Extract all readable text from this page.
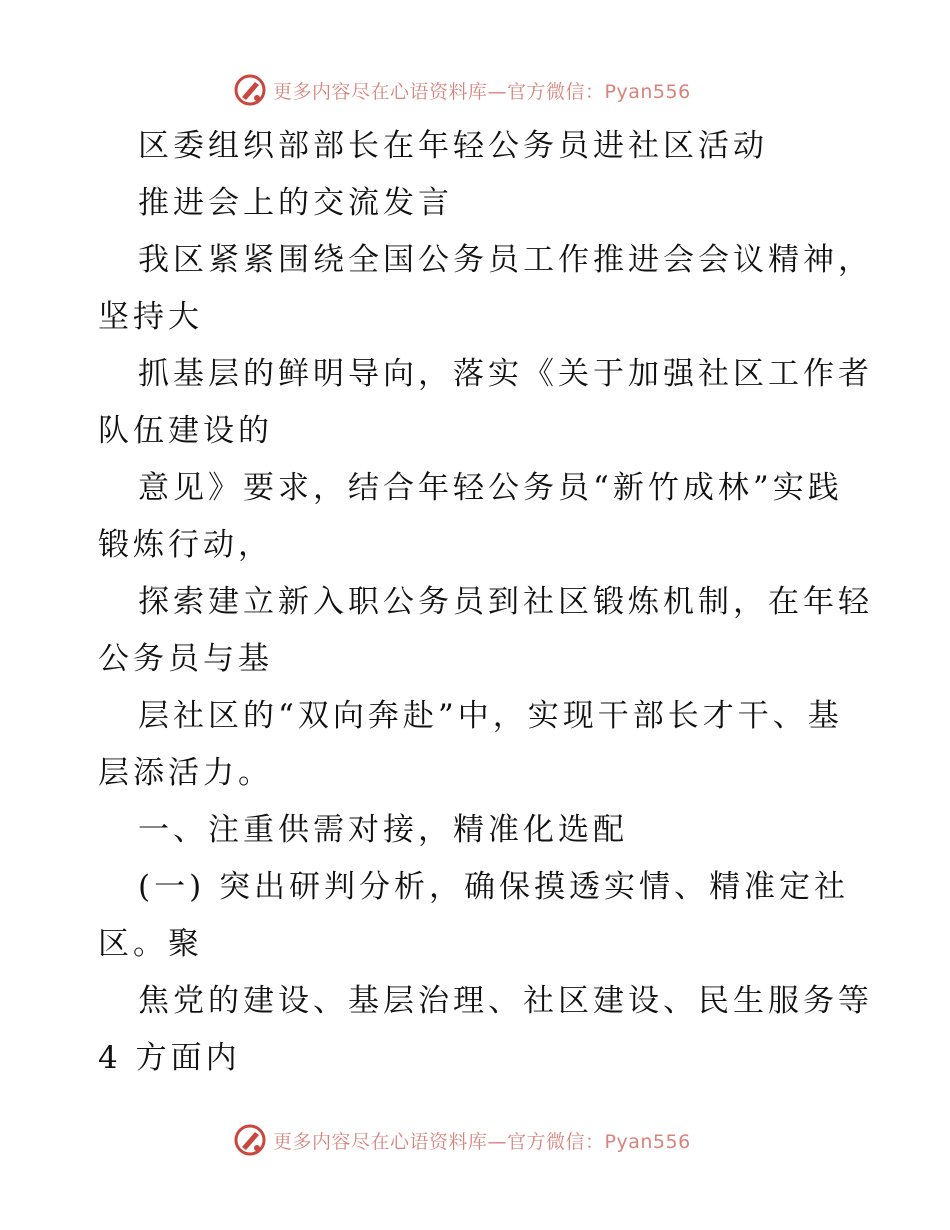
更多内容尽在心语资料库—官方微信：Pyan556
区委组织部部长在年轻公务员进社区活动
推进会上的交流发言
我区紧紧围绕全国公务员工作推进会会议精神，
坚持大
抓基层的鲜明导向，落实《关于加强社区工作者
队伍建设的
意见》要求，结合年轻公务员“新竹成林”实践
锻炼行动，
探索建立新入职公务员到社区锻炼机制，在年轻
公务员与基
层社区的“双向奔赴”中，实现干部长才干、基
层添活力。
一、注重供需对接，精准化选配
(一) 突出研判分析，确保摸透实情、精准定社
区。聚
焦党的建设、基层治理、社区建设、民生服务等
4 方面内
更多内容尽在心语资料库—官方微信：Pyan556
